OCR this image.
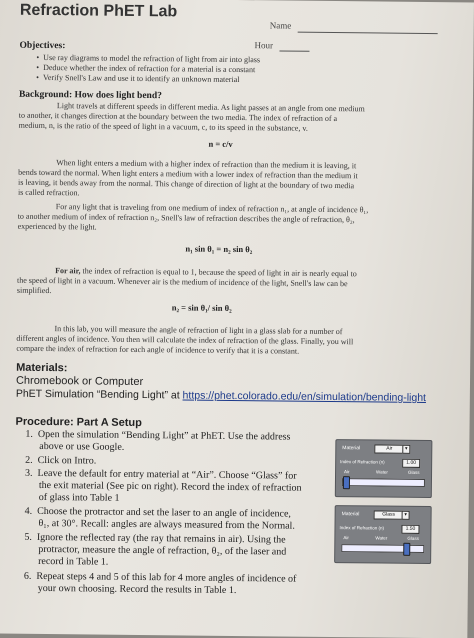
Refraction PhET Lab
Name
Hour
Objectives:
•  Use ray diagrams to model the refraction of light from air into glass
•  Deduce whether the index of refraction for a material is a constant
•  Verify Snell's Law and use it to identify an unknown material
Background: How does light bend?
Light travels at different speeds in different media. As light passes at an angle from one medium
to another, it changes direction at the boundary between the two media. The index of refraction of a
medium, n, is the ratio of the speed of light in a vacuum, c, to its speed in the substance, v.
n = c/v
When light enters a medium with a higher index of refraction than the medium it is leaving, it
bends toward the normal. When light enters a medium with a lower index of refraction than the medium it
is leaving, it bends away from the normal. This change of direction of light at the boundary of two media
is called refraction.
For any light that is traveling from one medium of index of refraction n₁, at angle of incidence θ₁,
to another medium of index of refraction n₂, Snell's law of refraction describes the angle of refraction, θ₂,
experienced by the light.
n₁ sin θ₁ = n₂ sin θ₂
For air, the index of refraction is equal to 1, because the speed of light in air is nearly equal to
the speed of light in a vacuum. Whenever air is the medium of incidence of the light, Snell's law can be
simplified.
n₂ = sin θ₁/ sin θ₂
In this lab, you will measure the angle of refraction of light in a glass slab for a number of
different angles of incidence. You then will calculate the index of refraction of the glass. Finally, you will
compare the index of refraction for each angle of incidence to verify that it is a constant.
Materials:
Chromebook or Computer
PhET Simulation “Bending Light” at https://phet.colorado.edu/en/simulation/bending-light
Procedure: Part A Setup
1. Open the simulation “Bending Light” at PhET. Use the address
above or use Google.
2. Click on Intro.
3. Leave the default for entry material at “Air”. Choose “Glass” for
the exit material (See pic on right). Record the index of refraction
of glass into Table 1
4. Choose the protractor and set the laser to an angle of incidence,
θ₁, at 30°. Recall: angles are always measured from the Normal.
5. Ignore the reflected ray (the ray that remains in air). Using the
protractor, measure the angle of refraction, θ₂, of the laser and
record in Table 1.
6. Repeat steps 4 and 5 of this lab for 4 more angles of incidence of
your own choosing. Record the results in Table 1.
Material	Air	▾
Index of Refraction (n)	1.00
Air	Water	Glass
Material	Glass	▾
Index of Refraction (n)	1.50
Air	Water	Glass
